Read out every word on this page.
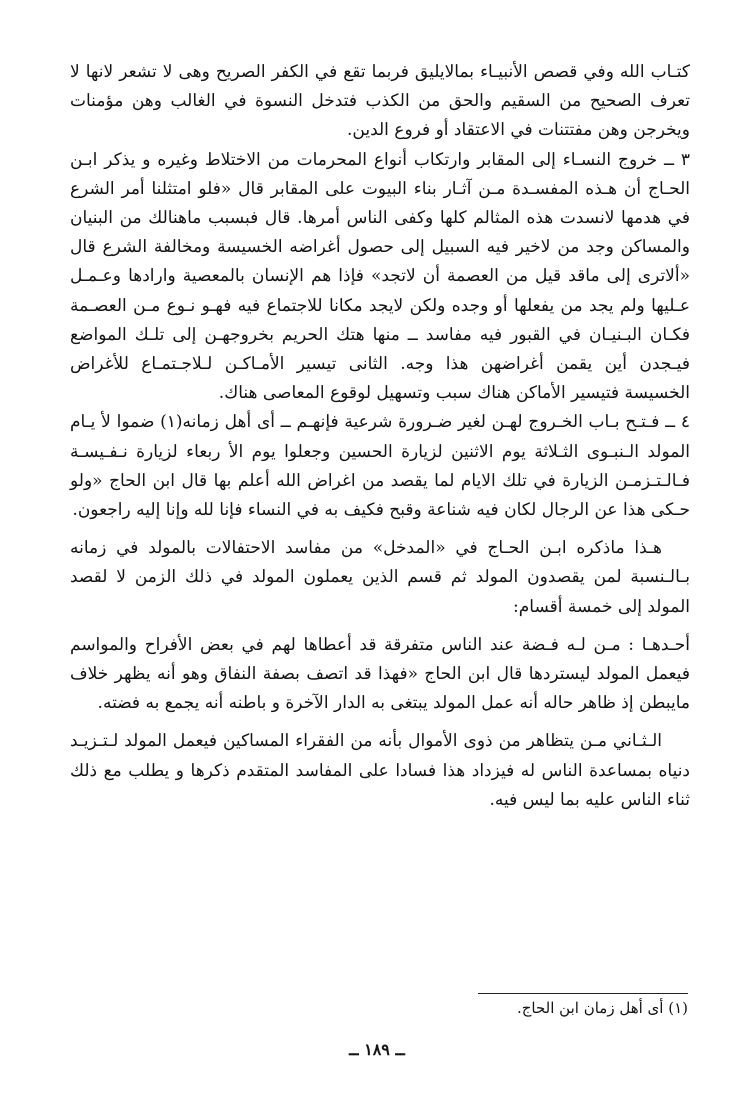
كتـاب الله وفي قصص الأنبيـاء بمالايليق فربما تقع في الكفر الصريح وهى لا تشعر لانها لا تعرف الصحيح من السقيم والحق من الكذب فتدخل النسوة في الغالب وهن مؤمنات ويخرجن وهن مفتتنات في الاعتقاد أو فروع الدين.

٣ ــ خروج النسـاء إلى المقابر وارتكاب أنواع المحرمات من الاختلاط وغيره و يذكر ابـن الحـاج أن هـذه المفسـدة مـن آثـار بناء البيوت على المقابر قال «فلو امتثلنا أمر الشرع في هدمها لانسدت هذه المثالم كلها وكفى الناس أمرها. قال فبسبب ماهنالك من البنيان والمساكن وجد من لاخير فيه السبيل إلى حصول أغراضه الخسيسة ومخالفة الشرع قال «ألاترى إلى ماقد قيل من العصمة أن لاتجد» فإذا هم الإنسان بالمعصية وارادها وعـمـل عـليها ولم يجد من يفعلها أو وجده ولكن لايجد مكانا للاجتماع فيه فهـو نـوع مـن العصـمة فكـان البـنيـان في القبور فيه مفاسد ــ منها هتك الحريم بخروجهـن إلى تلـك المواضع فيـجدن أين يقمن أغراضهن هذا وجه. الثانى تيسير الأمـاكـن لـلاجـتمـاع للأغراض الخسيسة فتيسير الأماكن هناك سبب وتسهيل لوقوع المعاصى هناك.

٤ ــ فـتـح بـاب الخـروج لهـن لغير ضـرورة شرعية فإنهـم ــ أى أهل زمانه(١) ضموا لأ يـام المولد الـنبـوى الثـلاثة يوم الاثنين لزيارة الحسين وجعلوا يوم الأ ربعاء لزيارة نـفـيسـة فـالـتـزمـن الزيارة في تلك الايام لما يقصد من اغراض الله أعلم بها قال ابن الحاج «ولو حـكى هذا عن الرجال لكان فيه شناعة وقبح فكيف به في النساء فإنا لله وإنا إليه راجعون.

هـذا ماذكره ابـن الحـاج في «المدخل» من مفاسد الاحتفالات بالمولد في زمانه بـالـنسبة لمن يقصدون المولد ثم قسم الذين يعملون المولد في ذلك الزمن لا لقصد المولد إلى خمسة أقسام:

أحـدهـا : مـن لـه فـضة عند الناس متفرقة قد أعطاها لهم في بعض الأفراح والمواسم فيعمل المولد ليستردها قال ابن الحاج «فهذا قد اتصف بصفة النفاق وهو أنه يظهر خلاف مايبطن إذ ظاهر حاله أنه عمل المولد يبتغى به الدار الآخرة و باطنه أنه يجمع به فضته.

الـثـاني مـن يتظاهر من ذوى الأموال بأنه من الفقراء المساكين فيعمل المولد لـتـزيـد دنياه بمساعدة الناس له فيزداد هذا فسادا على المفاسد المتقدم ذكرها و يطلب مع ذلك ثناء الناس عليه بما ليس فيه.

(١) أى أهل زمان ابن الحاج.
ــ ١٨٩ ــ
